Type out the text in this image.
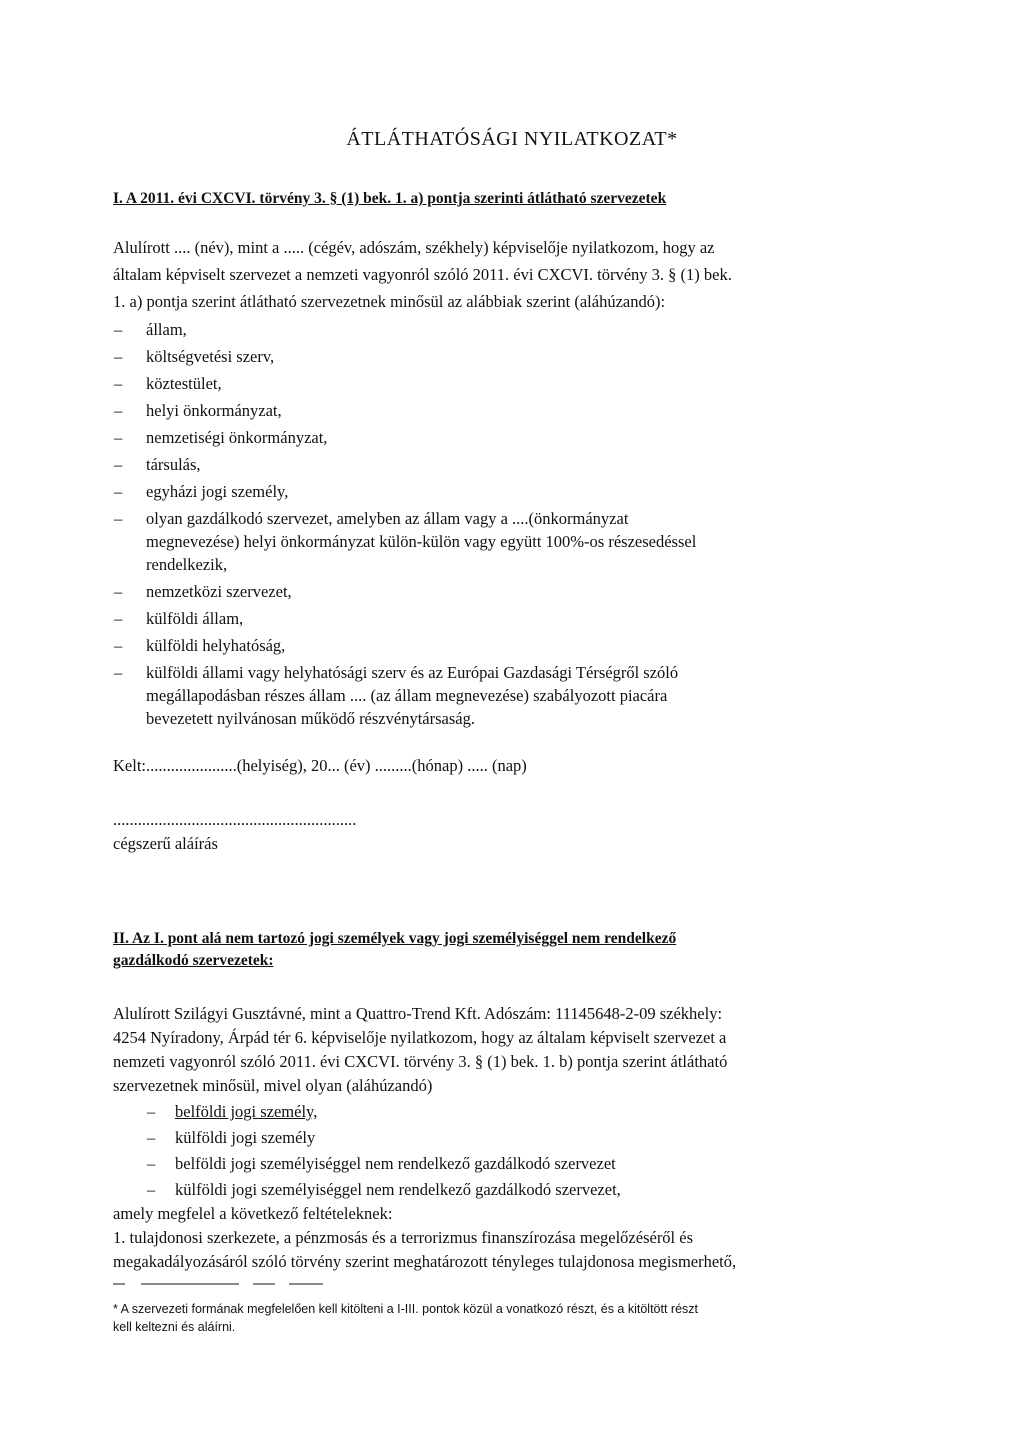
ÁTLÁTHATÓSÁGI NYILATKOZAT*
I. A 2011. évi CXCVI. törvény 3. § (1) bek. 1. a) pontja szerinti átlátható szervezetek
Alulírott .... (név), mint a ..... (cégév, adószám, székhely) képviselője nyilatkozom, hogy az
általam képviselt szervezet a nemzeti vagyonról szóló 2011. évi CXCVI. törvény 3. § (1) bek.
1. a) pontja szerint átlátható szervezetnek minősül az alábbiak szerint (aláhúzandó):
– állam,
– költségvetési szerv,
– köztestület,
– helyi önkormányzat,
– nemzetiségi önkormányzat,
– társulás,
– egyházi jogi személy,
– olyan gazdálkodó szervezet, amelyben az állam vagy a ....(önkormányzat
megnevezése) helyi önkormányzat külön-külön vagy együtt 100%-os részesedéssel
rendelkezik,
– nemzetközi szervezet,
– külföldi állam,
– külföldi helyhatóság,
– külföldi állami vagy helyhatósági szerv és az Európai Gazdasági Térségről szóló
megállapodásban részes állam .... (az állam megnevezése) szabályozott piacára
bevezetett nyilvánosan működő részvénytársaság.
Kelt:......................(helyiség), 20... (év) .........(hónap) ..... (nap)
...........................................................
cégszerű aláírás
II. Az I. pont alá nem tartozó jogi személyek vagy jogi személyiséggel nem rendelkező
gazdálkodó szervezetek:
Alulírott Szilágyi Gusztávné, mint a Quattro-Trend Kft. Adószám: 11145648-2-09 székhely:
4254 Nyíradony, Árpád tér 6. képviselője nyilatkozom, hogy az általam képviselt szervezet a
nemzeti vagyonról szóló 2011. évi CXCVI. törvény 3. § (1) bek. 1. b) pontja szerint átlátható
szervezetnek minősül, mivel olyan (aláhúzandó)
– belföldi jogi személy,
– külföldi jogi személy
– belföldi jogi személyiséggel nem rendelkező gazdálkodó szervezet
– külföldi jogi személyiséggel nem rendelkező gazdálkodó szervezet,
amely megfelel a következő feltételeknek:
1. tulajdonosi szerkezete, a pénzmosás és a terrorizmus finanszírozása megelőzéséről és
megakadályozásáról szóló törvény szerint meghatározott tényleges tulajdonosa megismerhető,
* A szervezeti formának megfelelően kell kitölteni a I-III. pontok közül a vonatkozó részt, és a kitöltött részt
kell keltezni és aláírni.
